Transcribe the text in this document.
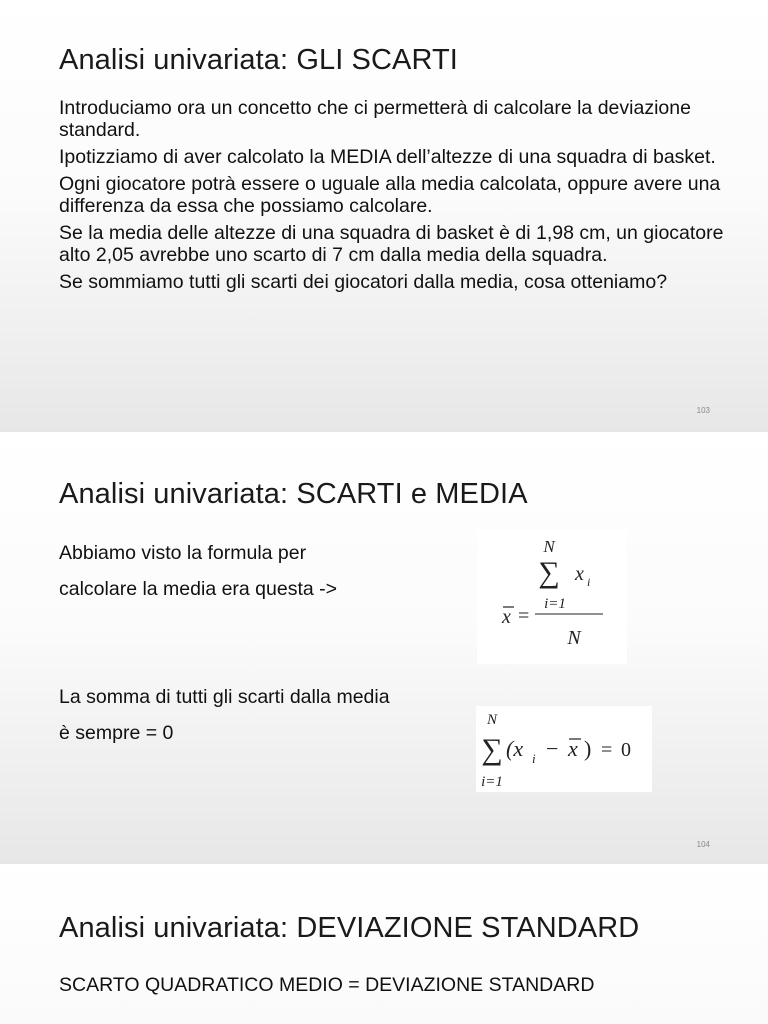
Analisi univariata: GLI SCARTI

Introduciamo ora un concetto che ci permetterà di calcolare la deviazione standard.

Ipotizziamo di aver calcolato la MEDIA dell’altezze di una squadra di basket.

Ogni giocatore potrà essere o uguale alla media calcolata, oppure avere una differenza da essa che possiamo calcolare.

Se la media delle altezze di una squadra di basket è di 1,98 cm, un giocatore alto 2,05 avrebbe uno scarto di 7 cm dalla media della squadra.

Se sommiamo tutti gli scarti dei giocatori dalla media, cosa otteniamo?

103
Analisi univariata: SCARTI e MEDIA
Abbiamo visto la formula per
calcolare la media era questa ->
N
∑ x i
i=1
x =
N
La somma di tutti gli scarti dalla media
è sempre = 0
N
∑
i=1
(x i − x ) = 0
104
Analisi univariata: DEVIAZIONE STANDARD
SCARTO QUADRATICO MEDIO = DEVIAZIONE STANDARD
